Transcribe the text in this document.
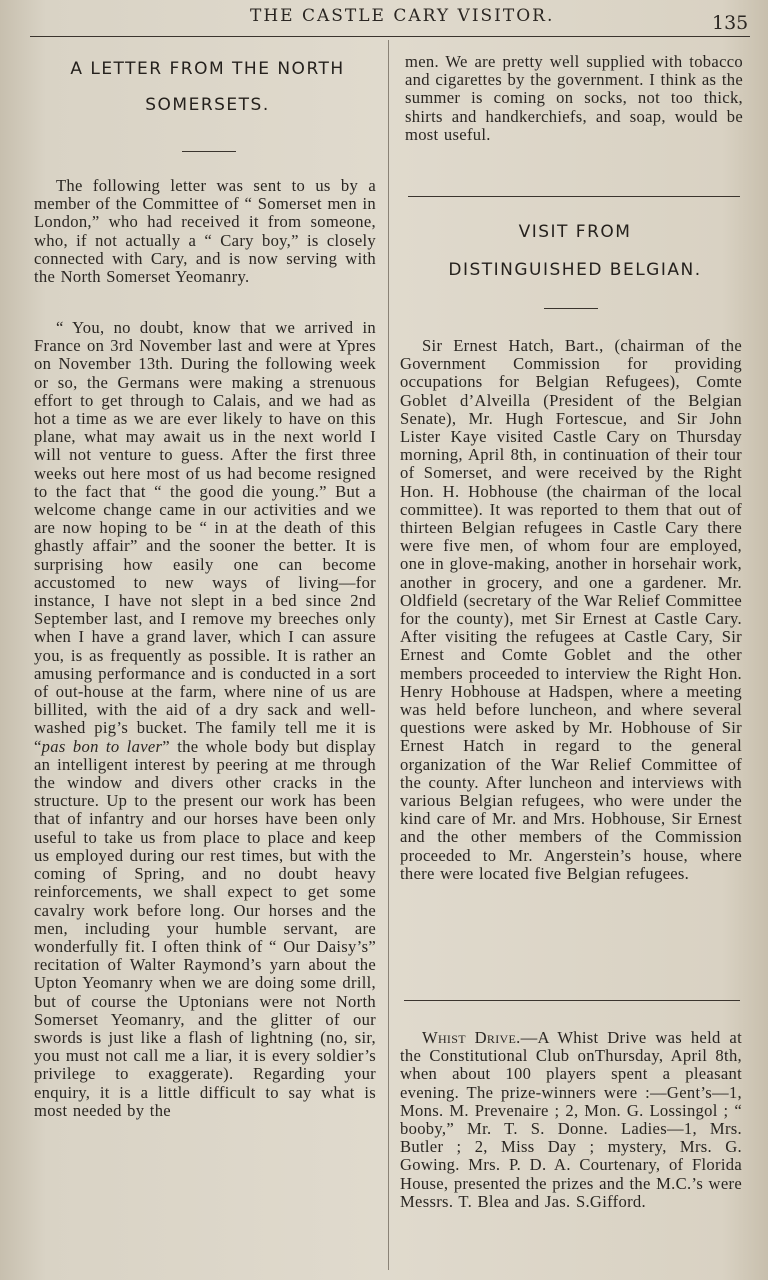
THE CASTLE CARY VISITOR.	135
A LETTER FROM THE NORTH
SOMERSETS.

The following letter was sent to us by a member of the Committee of “ Somerset men in London,” who had received it from someone, who, if not actually a “ Cary boy,” is closely connected with Cary, and is now serving with the North Somerset Yeomanry.

“ You, no doubt, know that we arrived in France on 3rd November last and were at Ypres on November 13th. During the following week or so, the Germans were making a strenuous effort to get through to Calais, and we had as hot a time as we are ever likely to have on this plane, what may await us in the next world I will not venture to guess. After the first three weeks out here most of us had become resigned to the fact that “ the good die young.” But a welcome change came in our activities and we are now hoping to be “ in at the death of this ghastly affair” and the sooner the better. It is surprising how easily one can become accustomed to new ways of living—for instance, I have not slept in a bed since 2nd September last, and I remove my breeches only when I have a grand laver, which I can assure you, is as frequently as possible. It is rather an amusing performance and is conducted in a sort of out-house at the farm, where nine of us are billited, with the aid of a dry sack and well-washed pig’s bucket. The family tell me it is “pas bon to laver” the whole body but display an intelligent interest by peering at me through the window and divers other cracks in the structure. Up to the present our work has been that of infantry and our horses have been only useful to take us from place to place and keep us employed during our rest times, but with the coming of Spring, and no doubt heavy reinforcements, we shall expect to get some cavalry work before long. Our horses and the men, including your humble servant, are wonderfully fit. I often think of “ Our Daisy’s” recitation of Walter Raymond’s yarn about the Upton Yeomanry when we are doing some drill, but of course the Uptonians were not North Somerset Yeomanry, and the glitter of our swords is just like a flash of lightning (no, sir, you must not call me a liar, it is every soldier’s privilege to exaggerate). Regarding your enquiry, it is a little difficult to say what is most needed by the

men. We are pretty well supplied with tobacco and cigarettes by the government. I think as the summer is coming on socks, not too thick, shirts and handkerchiefs, and soap, would be most useful.

VISIT FROM
DISTINGUISHED BELGIAN.

Sir Ernest Hatch, Bart., (chairman of the Government Commission for providing occupations for Belgian Refugees), Comte Goblet d’Alveilla (President of the Belgian Senate), Mr. Hugh Fortescue, and Sir John Lister Kaye visited Castle Cary on Thursday morning, April 8th, in continuation of their tour of Somerset, and were received by the Right Hon. H. Hobhouse (the chairman of the local committee). It was reported to them that out of thirteen Belgian refugees in Castle Cary there were five men, of whom four are employed, one in glove-making, another in horsehair work, another in grocery, and one a gardener. Mr. Oldfield (secretary of the War Relief Committee for the county), met Sir Ernest at Castle Cary. After visiting the refugees at Castle Cary, Sir Ernest and Comte Goblet and the other members proceeded to interview the Right Hon. Henry Hobhouse at Hadspen, where a meeting was held before luncheon, and where several questions were asked by Mr. Hobhouse of Sir Ernest Hatch in regard to the general organization of the War Relief Committee of the county. After luncheon and interviews with various Belgian refugees, who were under the kind care of Mr. and Mrs. Hobhouse, Sir Ernest and the other members of the Commission proceeded to Mr. Angerstein’s house, where there were located five Belgian refugees.

Whist Drive.—A Whist Drive was held at the Constitutional Club onThursday, April 8th, when about 100 players spent a pleasant evening. The prize-winners were :—Gent’s—1, Mons. M. Prevenaire ; 2, Mon. G. Lossingol ; “ booby,” Mr. T. S. Donne. Ladies—1, Mrs. Butler ; 2, Miss Day ; mystery, Mrs. G. Gowing. Mrs. P. D. A. Courtenary, of Florida House, presented the prizes and the M.C.’s were Messrs. T. Blea and Jas. S.Gifford.
